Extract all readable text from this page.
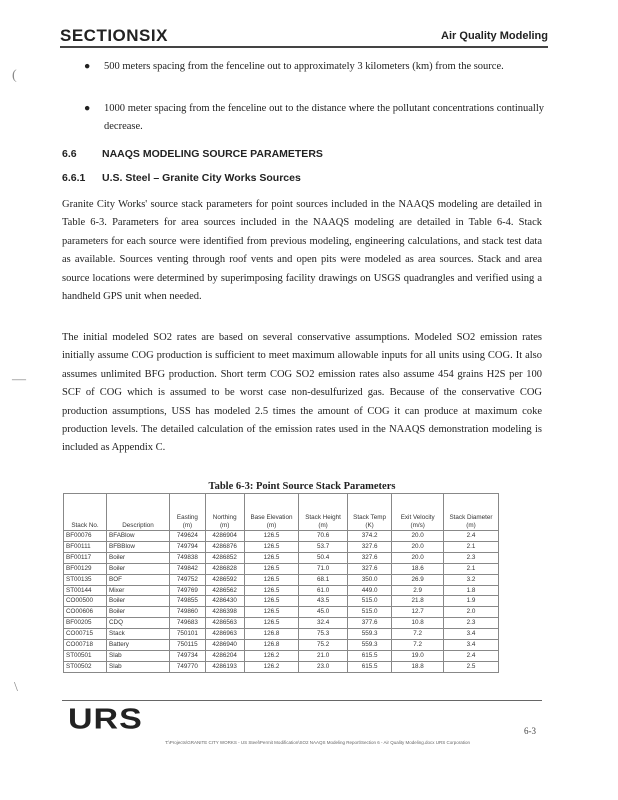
SECTIONSIX	Air Quality Modeling
(
—
\
●	500 meters spacing from the fenceline out to approximately 3 kilometers (km) from the source.
●	1000 meter spacing from the fenceline out to the distance where the pollutant concentrations continually decrease.
6.6 NAAQS MODELING SOURCE PARAMETERS
6.6.1 U.S. Steel – Granite City Works Sources
Granite City Works' source stack parameters for point sources included in the NAAQS modeling are detailed in Table 6-3. Parameters for area sources included in the NAAQS modeling are detailed in Table 6-4. Stack parameters for each source were identified from previous modeling, engineering calculations, and stack test data as available. Sources venting through roof vents and open pits were modeled as area sources. Stack and area source locations were determined by superimposing facility drawings on USGS quadrangles and verified using a handheld GPS unit when needed.
The initial modeled SO2 rates are based on several conservative assumptions. Modeled SO2 emission rates initially assume COG production is sufficient to meet maximum allowable inputs for all units using COG. It also assumes unlimited BFG production. Short term COG SO2 emission rates also assume 454 grains H2S per 100 SCF of COG which is assumed to be worst case non-desulfurized gas. Because of the conservative COG production assumptions, USS has modeled 2.5 times the amount of COG it can produce at maximum coke production levels. The detailed calculation of the emission rates used in the NAAQS demonstration modeling is included as Appendix C.
Table 6-3: Point Source Stack Parameters
Stack No.	Description	Easting (m)	Northing (m)	Base Elevation (m)	Stack Height (m)	Stack Temp (K)	Exit Velocity (m/s)	Stack Diameter (m)
BF00076	BFABlow	749624	4286904	126.5	70.6	374.2	20.0	2.4
BF00111	BFBBlow	749794	4286876	126.5	53.7	327.6	20.0	2.1
BF00117	Boiler	749838	4286852	126.5	50.4	327.6	20.0	2.3
BF00129	Boiler	749842	4286828	126.5	71.0	327.6	18.6	2.1
ST00135	BOF	749752	4286592	126.5	68.1	350.0	26.9	3.2
ST00144	Mixer	749769	4286562	126.5	61.0	449.0	2.9	1.8
CO00500	Boiler	749855	4286430	126.5	43.5	515.0	21.8	1.9
CO00606	Boiler	749860	4286398	126.5	45.0	515.0	12.7	2.0
BF00205	CDQ	749683	4286563	126.5	32.4	377.6	10.8	2.3
CO00715	Stack	750101	4286963	126.8	75.3	559.3	7.2	3.4
CO00718	Battery	750115	4286940	126.8	75.2	559.3	7.2	3.4
ST00501	Slab	749734	4286204	126.2	21.0	615.5	19.0	2.4
ST00502	Slab	749770	4286193	126.2	23.0	615.5	18.8	2.5
URS
T:\Projects\GRANITE CITY WORKS - US Steel\Permit Modification\SO2 NAAQS Modeling Report\Section 6 - Air Quality Modeling.docx URS Corporation
6-3
